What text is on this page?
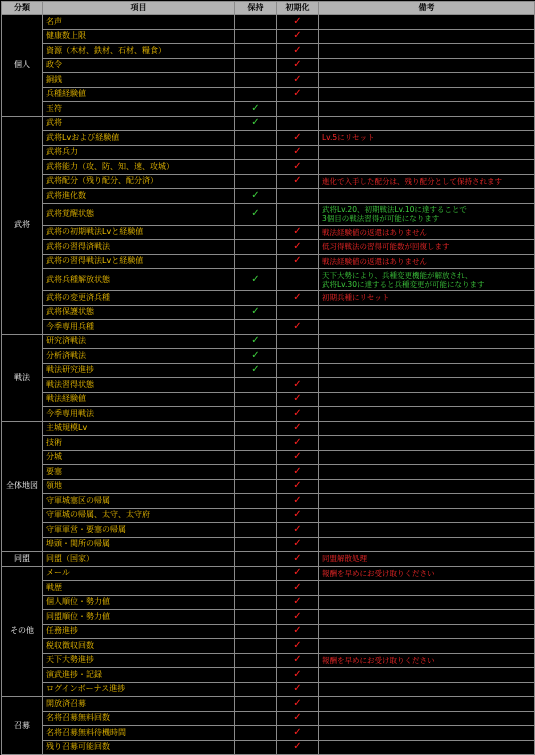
分類	項目	保持	初期化	備考
個人	名声		✓	

	健康数上限		✓	

	資源（木材、鉄材、石材、糧食）		✓	

	政令		✓	

	銅銭		✓	

	兵種経験値		✓	

	玉符	✓		

武将	武将	✓		

	武将Lvおよび経験値		✓	Lv.5にリセット

	武将兵力		✓	

	武将能力（攻、防、知、速、攻城）		✓	

	武将配分（残り配分、配分済）		✓	進化で入手した配分は、残り配分として保持されます

	武将進化数	✓		

	武将覚醒状態	✓		武将Lv.20、初期戦法Lv.10に達することで
3個目の戦法習得が可能になります

	武将の初期戦法Lvと経験値		✓	戦法経験値の返還はありません

	武将の習得済戦法		✓	低习得戦法の習得可能数が回復します

	武将の習得戦法Lvと経験値		✓	戦法経験値の返還はありません

	武将兵種解放状態	✓		天下大勢により、兵種変更機能が解放され、
武将Lv.30に達すると兵種変更が可能になります

	武将の変更済兵種		✓	初期兵種にリセット

	武将保護状態	✓		

	今季専用兵種		✓	

戦法	研究済戦法	✓		

	分析済戦法	✓		

	戦法研究進捗	✓		

	戦法習得状態		✓	

	戦法経験値		✓	

	今季専用戦法		✓	

全体地図	主城規模Lv		✓	

	技術		✓	

	分城		✓	

	要塞		✓	

	領地		✓	

	守軍城塞区の帰属		✓	

	守軍城の帰属、太守、太守府		✓	

	守軍軍営・要塞の帰属		✓	

	埠頭・関所の帰属		✓	

同盟	同盟（国家）		✓	同盟解散処理

その他	メール		✓	報酬を早めにお受け取りください

	戦歴		✓	

	個人順位・勢力値		✓	

	同盟順位・勢力値		✓	

	任務進捗		✓	

	税収徴収回数		✓	

	天下大勢進捗		✓	報酬を早めにお受け取りください

	演武進捗・記録		✓	

	ログインボーナス進捗		✓	

召募	開放済召募		✓	

	名将召募無料回数		✓	

	名将召募無料待機時間		✓	

	残り召募可能回数		✓	
